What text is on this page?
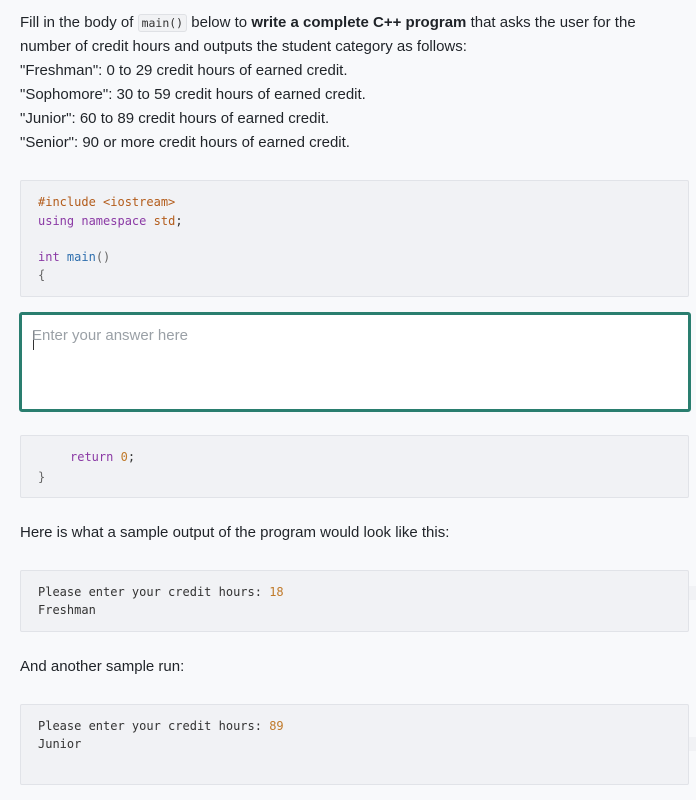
Fill in the body of main() below to write a complete C++ program that asks the user for the

number of credit hours and outputs the student category as follows:

"Freshman": 0 to 29 credit hours of earned credit.

"Sophomore": 30 to 59 credit hours of earned credit.

"Junior": 60 to 89 credit hours of earned credit.

"Senior": 90 or more credit hours of earned credit.

#include <iostream>
using namespace std;
int main()
{
Enter your answer here
return 0;
}
Here is what a sample output of the program would look like this:
Please enter your credit hours: 18
Freshman
And another sample run:
Please enter your credit hours: 89
Junior
